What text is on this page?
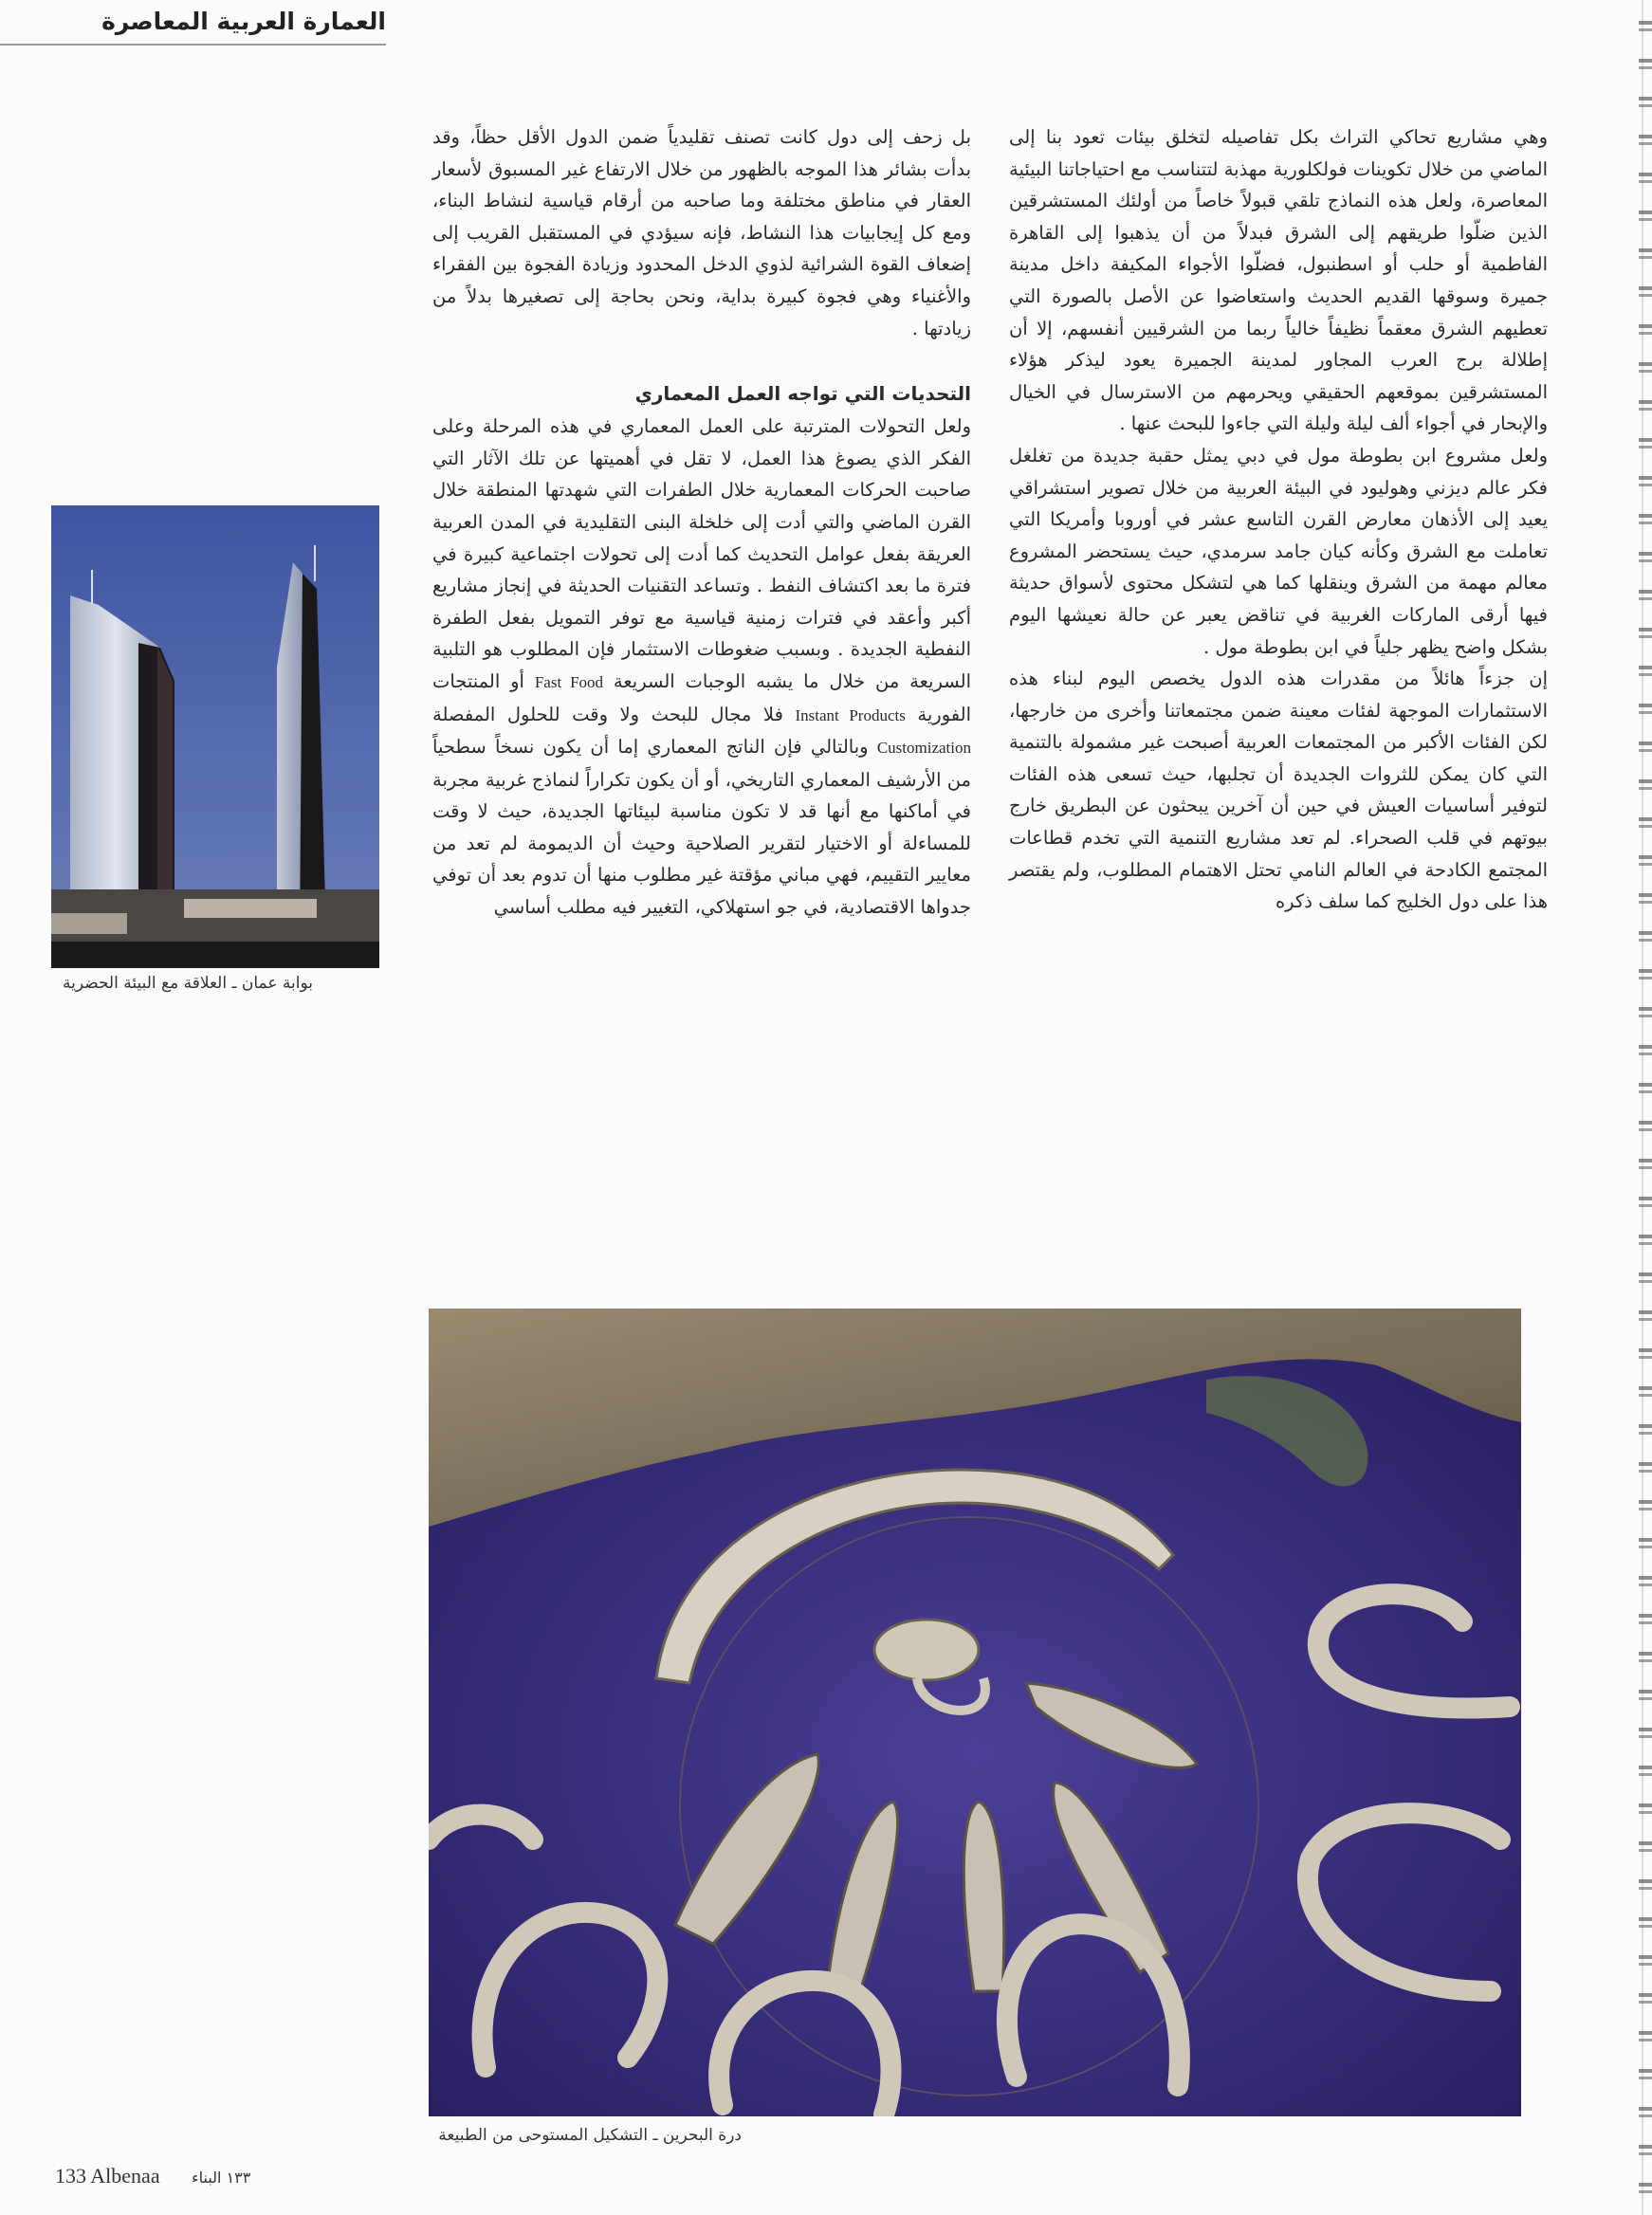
العمارة العربية المعاصرة

وهي مشاريع تحاكي التراث بكل تفاصيله لتخلق بيئات تعود بنا إلى الماضي من خلال تكوينات فولكلورية مهذبة لتتناسب مع احتياجاتنا البيئية المعاصرة، ولعل هذه النماذج تلقي قبولاً خاصاً من أولئك المستشرقين الذين ضلّوا طريقهم إلى الشرق فبدلاً من أن يذهبوا إلى القاهرة الفاطمية أو حلب أو اسطنبول، فضلّوا الأجواء المكيفة داخل مدينة جميرة وسوقها القديم الحديث واستعاضوا عن الأصل بالصورة التي تعطيهم الشرق معقماً نظيفاً خالياً ربما من الشرقيين أنفسهم، إلا أن إطلالة برج العرب المجاور لمدينة الجميرة يعود ليذكر هؤلاء المستشرقين بموقعهم الحقيقي ويحرمهم من الاسترسال في الخيال والإبحار في أجواء ألف ليلة وليلة التي جاءوا للبحث عنها .

ولعل مشروع ابن بطوطة مول في دبي يمثل حقبة جديدة من تغلغل فكر عالم ديزني وهوليود في البيئة العربية من خلال تصوير استشراقي يعيد إلى الأذهان معارض القرن التاسع عشر في أوروبا وأمريكا التي تعاملت مع الشرق وكأنه كيان جامد سرمدي، حيث يستحضر المشروع معالم مهمة من الشرق وينقلها كما هي لتشكل محتوى لأسواق حديثة فيها أرقى الماركات الغربية في تناقض يعبر عن حالة نعيشها اليوم بشكل واضح يظهر جلياً في ابن بطوطة مول .

إن جزءاً هائلاً من مقدرات هذه الدول يخصص اليوم لبناء هذه الاستثمارات الموجهة لفئات معينة ضمن مجتمعاتنا وأخرى من خارجها، لكن الفئات الأكبر من المجتمعات العربية أصبحت غير مشمولة بالتنمية التي كان يمكن للثروات الجديدة أن تجلبها، حيث تسعى هذه الفئات لتوفير أساسيات العيش في حين أن آخرين يبحثون عن البطريق خارج بيوتهم في قلب الصحراء. لم تعد مشاريع التنمية التي تخدم قطاعات المجتمع الكادحة في العالم النامي تحتل الاهتمام المطلوب، ولم يقتصر هذا على دول الخليج كما سلف ذكره

بل زحف إلى دول كانت تصنف تقليدياً ضمن الدول الأقل حظاً، وقد بدأت بشائر هذا الموجه بالظهور من خلال الارتفاع غير المسبوق لأسعار العقار في مناطق مختلفة وما صاحبه من أرقام قياسية لنشاط البناء، ومع كل إيجابيات هذا النشاط، فإنه سيؤدي في المستقبل القريب إلى إضعاف القوة الشرائية لذوي الدخل المحدود وزيادة الفجوة بين الفقراء والأغنياء وهي فجوة كبيرة بداية، ونحن بحاجة إلى تصغيرها بدلاً من زيادتها .

التحديات التي تواجه العمل المعماري

ولعل التحولات المترتبة على العمل المعماري في هذه المرحلة وعلى الفكر الذي يصوغ هذا العمل، لا تقل في أهميتها عن تلك الآثار التي صاحبت الحركات المعمارية خلال الطفرات التي شهدتها المنطقة خلال القرن الماضي والتي أدت إلى خلخلة البنى التقليدية في المدن العربية العريقة بفعل عوامل التحديث كما أدت إلى تحولات اجتماعية كبيرة في فترة ما بعد اكتشاف النفط . وتساعد التقنيات الحديثة في إنجاز مشاريع أكبر وأعقد في فترات زمنية قياسية مع توفر التمويل بفعل الطفرة النفطية الجديدة . وبسبب ضغوطات الاستثمار فإن المطلوب هو التلبية السريعة من خلال ما يشبه الوجبات السريعة Fast Food أو المنتجات الفورية Instant Products فلا مجال للبحث ولا وقت للحلول المفصلة Customization وبالتالي فإن الناتج المعماري إما أن يكون نسخاً سطحياً من الأرشيف المعماري التاريخي، أو أن يكون تكراراً لنماذج غربية مجربة في أماكنها مع أنها قد لا تكون مناسبة لبيئاتها الجديدة، حيث لا وقت للمساءلة أو الاختيار لتقرير الصلاحية وحيث أن الديمومة لم تعد من معايير التقييم، فهي مباني مؤقتة غير مطلوب منها أن تدوم بعد أن توفي جدواها الاقتصادية، في جو استهلاكي، التغيير فيه مطلب أساسي

بوابة عمان ـ العلاقة مع البيئة الحضرية
درة البحرين ـ التشكيل المستوحى من الطبيعة
133 Albenaa ١٣٣ البناء
